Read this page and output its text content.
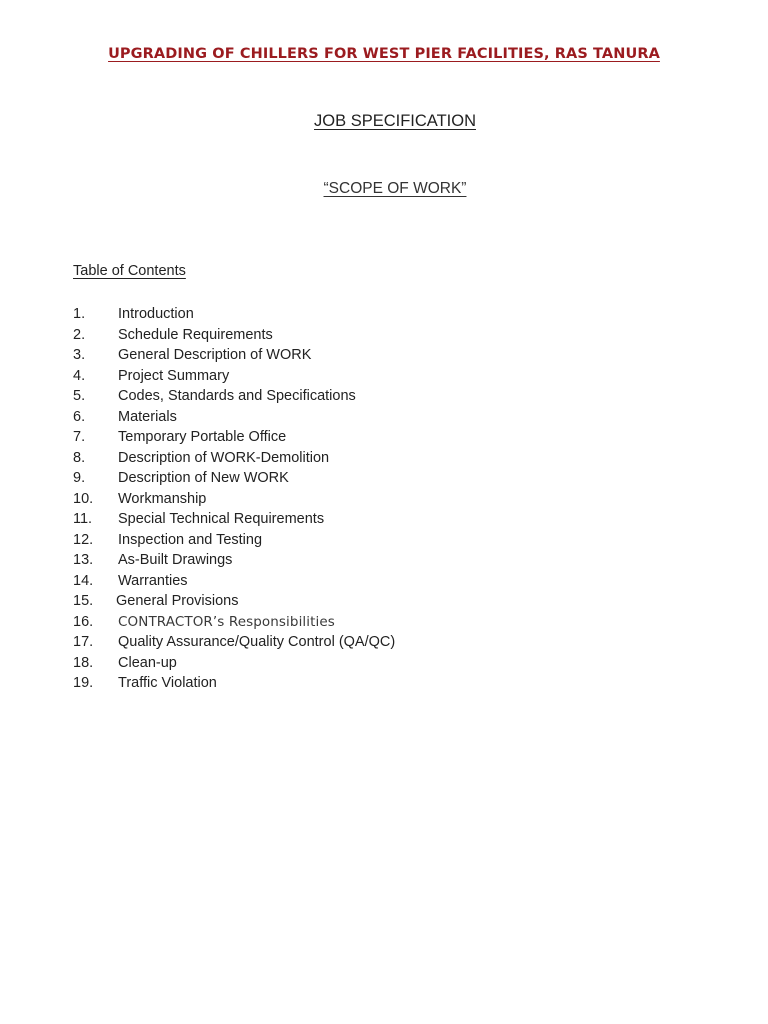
UPGRADING OF CHILLERS FOR WEST PIER FACILITIES, RAS TANURA
JOB SPECIFICATION
“SCOPE OF WORK”
Table of Contents
1. Introduction
2. Schedule Requirements
3. General Description of WORK
4. Project Summary
5. Codes, Standards and Specifications
6. Materials
7. Temporary Portable Office
8. Description of WORK-Demolition
9. Description of New WORK
10. Workmanship
11. Special Technical Requirements
12. Inspection and Testing
13. As-Built Drawings
14. Warranties
15. General Provisions
16. CONTRACTOR’s Responsibilities
17. Quality Assurance/Quality Control (QA/QC)
18. Clean-up
19. Traffic Violation
